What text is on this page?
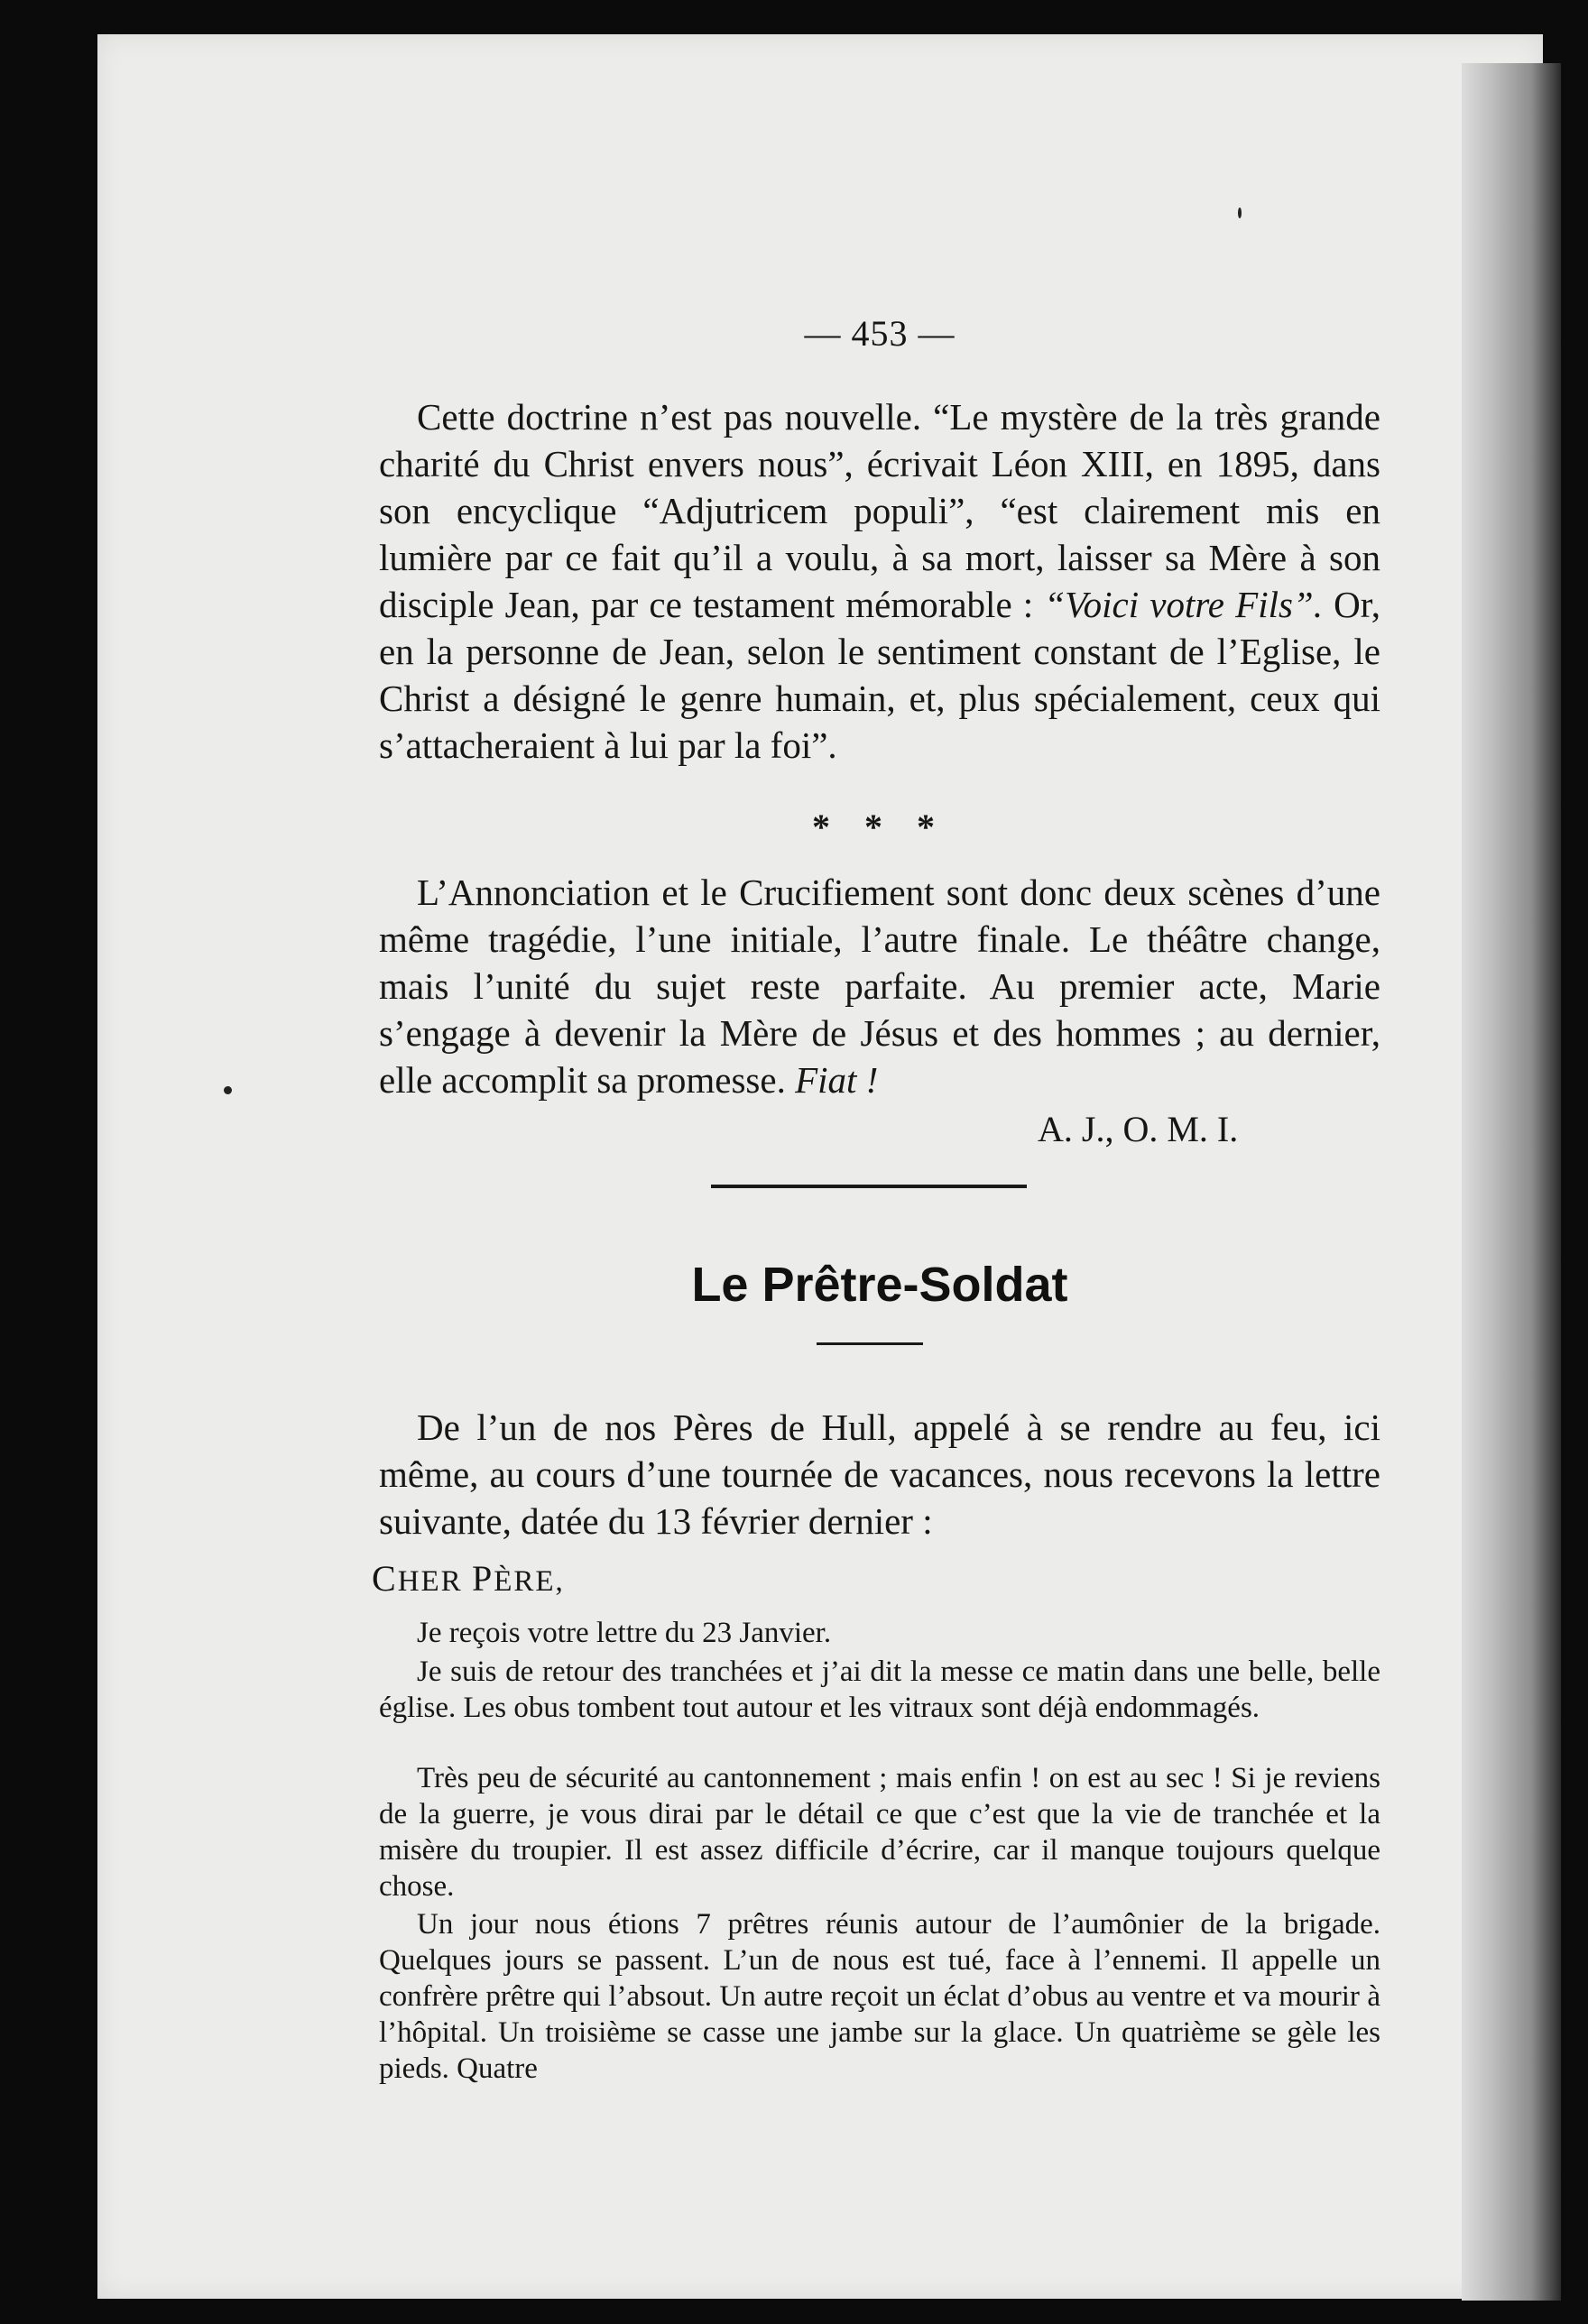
— 453 —

Cette doctrine n’est pas nouvelle. “Le mystère de la très grande charité du Christ envers nous”, écrivait Léon XIII, en 1895, dans son encyclique “Adjutricem populi”, “est clairement mis en lumière par ce fait qu’il a voulu, à sa mort, laisser sa Mère à son disciple Jean, par ce testament mémorable : “Voici votre Fils”. Or, en la personne de Jean, selon le sentiment constant de l’Eglise, le Christ a désigné le genre humain, et, plus spécialement, ceux qui s’attacheraient à lui par la foi”.

* * *

L’Annonciation et le Crucifiement sont donc deux scènes d’une même tragédie, l’une initiale, l’autre finale. Le théâtre change, mais l’unité du sujet reste parfaite. Au premier acte, Marie s’engage à devenir la Mère de Jésus et des hommes ; au dernier, elle accomplit sa promesse. Fiat !

A. J., O. M. I.
Le Prêtre-Soldat

De l’un de nos Pères de Hull, appelé à se rendre au feu, ici même, au cours d’une tournée de vacances, nous recevons la lettre suivante, datée du 13 février dernier :

CHER PÈRE,

Je reçois votre lettre du 23 Janvier.

Je suis de retour des tranchées et j’ai dit la messe ce matin dans une belle, belle église. Les obus tombent tout autour et les vitraux sont déjà endommagés.

Très peu de sécurité au cantonnement ; mais enfin ! on est au sec ! Si je reviens de la guerre, je vous dirai par le détail ce que c’est que la vie de tranchée et la misère du troupier. Il est assez difficile d’écrire, car il manque toujours quelque chose.

Un jour nous étions 7 prêtres réunis autour de l’aumônier de la brigade. Quelques jours se passent. L’un de nous est tué, face à l’ennemi. Il appelle un confrère prêtre qui l’absout. Un autre reçoit un éclat d’obus au ventre et va mourir à l’hôpital. Un troisième se casse une jambe sur la glace. Un quatrième se gèle les pieds. Quatre
